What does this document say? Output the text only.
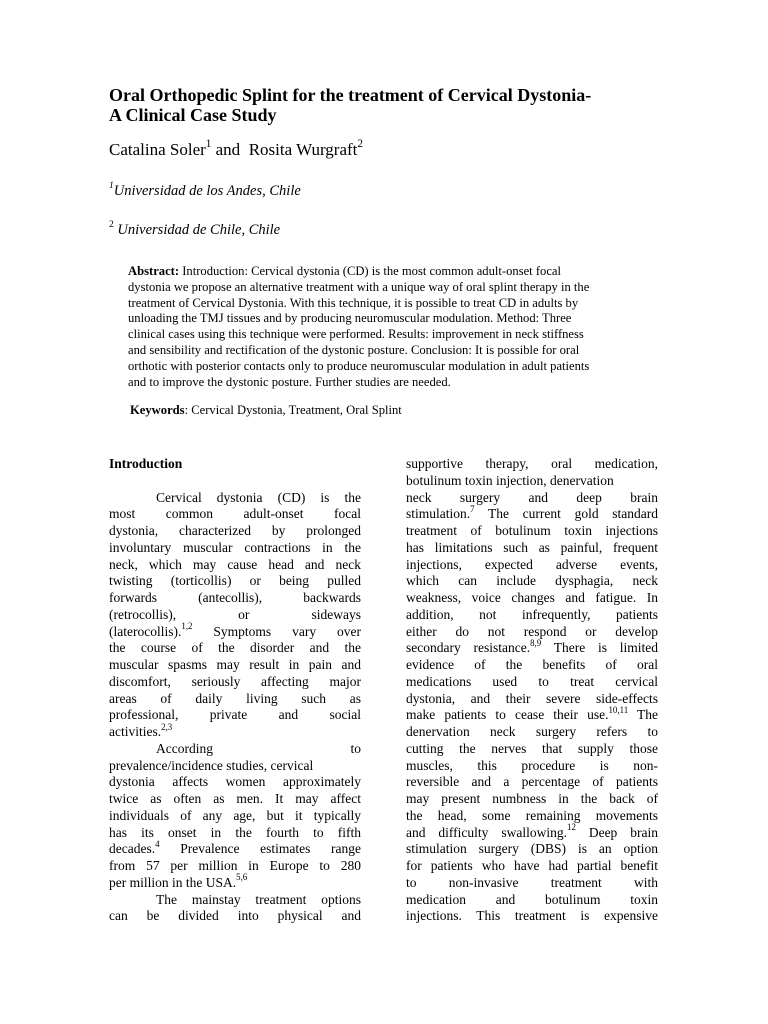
Oral Orthopedic Splint for the treatment of Cervical Dystonia-
A Clinical Case Study
Catalina Soler$^1$ and  Rosita Wurgraft$^2$
$^1$Universidad de los Andes, Chile
$^2$ Universidad de Chile, Chile
Abstract: Introduction: Cervical dystonia (CD) is the most common adult-onset focal
dystonia we propose an alternative treatment with a unique way of oral splint therapy in the
treatment of Cervical Dystonia. With this technique, it is possible to treat CD in adults by
unloading the TMJ tissues and by producing neuromuscular modulation. Method: Three
clinical cases using this technique were performed. Results: improvement in neck stiffness
and sensibility and rectification of the dystonic posture. Conclusion: It is possible for oral
orthotic with posterior contacts only to produce neuromuscular modulation in adult patients
and to improve the dystonic posture. Further studies are needed.
Keywords: Cervical Dystonia, Treatment, Oral Splint
Introduction
Cervical dystonia (CD) is the
most common adult-onset focal
dystonia, characterized by prolonged
involuntary muscular contractions in the
neck, which may cause head and neck
twisting (torticollis) or being pulled
forwards (antecollis), backwards
(retrocollis), or sideways
(laterocollis).$^{1,2}$ Symptoms vary over
the course of the disorder and the
muscular spasms may result in pain and
discomfort, seriously affecting major
areas of daily living such as
professional, private and social
activities.$^{2,3}$
According to
prevalence/incidence studies, cervical
dystonia affects women approximately
twice as often as men. It may affect
individuals of any age, but it typically
has its onset in the fourth to fifth
decades.$^4$ Prevalence estimates range
from 57 per million in Europe to 280
per million in the USA.$^{5,6}$
The mainstay treatment options
can be divided into physical and
supportive therapy, oral medication,
botulinum toxin injection, denervation
neck surgery and deep brain
stimulation.$^7$ The current gold standard
treatment of botulinum toxin injections
has limitations such as painful, frequent
injections, expected adverse events,
which can include dysphagia, neck
weakness, voice changes and fatigue. In
addition, not infrequently, patients
either do not respond or develop
secondary resistance.$^{8,9}$ There is limited
evidence of the benefits of oral
medications used to treat cervical
dystonia, and their severe side-effects
make patients to cease their use.$^{10,11}$ The
denervation neck surgery refers to
cutting the nerves that supply those
muscles, this procedure is non-
reversible and a percentage of patients
may present numbness in the back of
the head, some remaining movements
and difficulty swallowing.$^{12}$ Deep brain
stimulation surgery (DBS) is an option
for patients who have had partial benefit
to non-invasive treatment with
medication and botulinum toxin
injections. This treatment is expensive
